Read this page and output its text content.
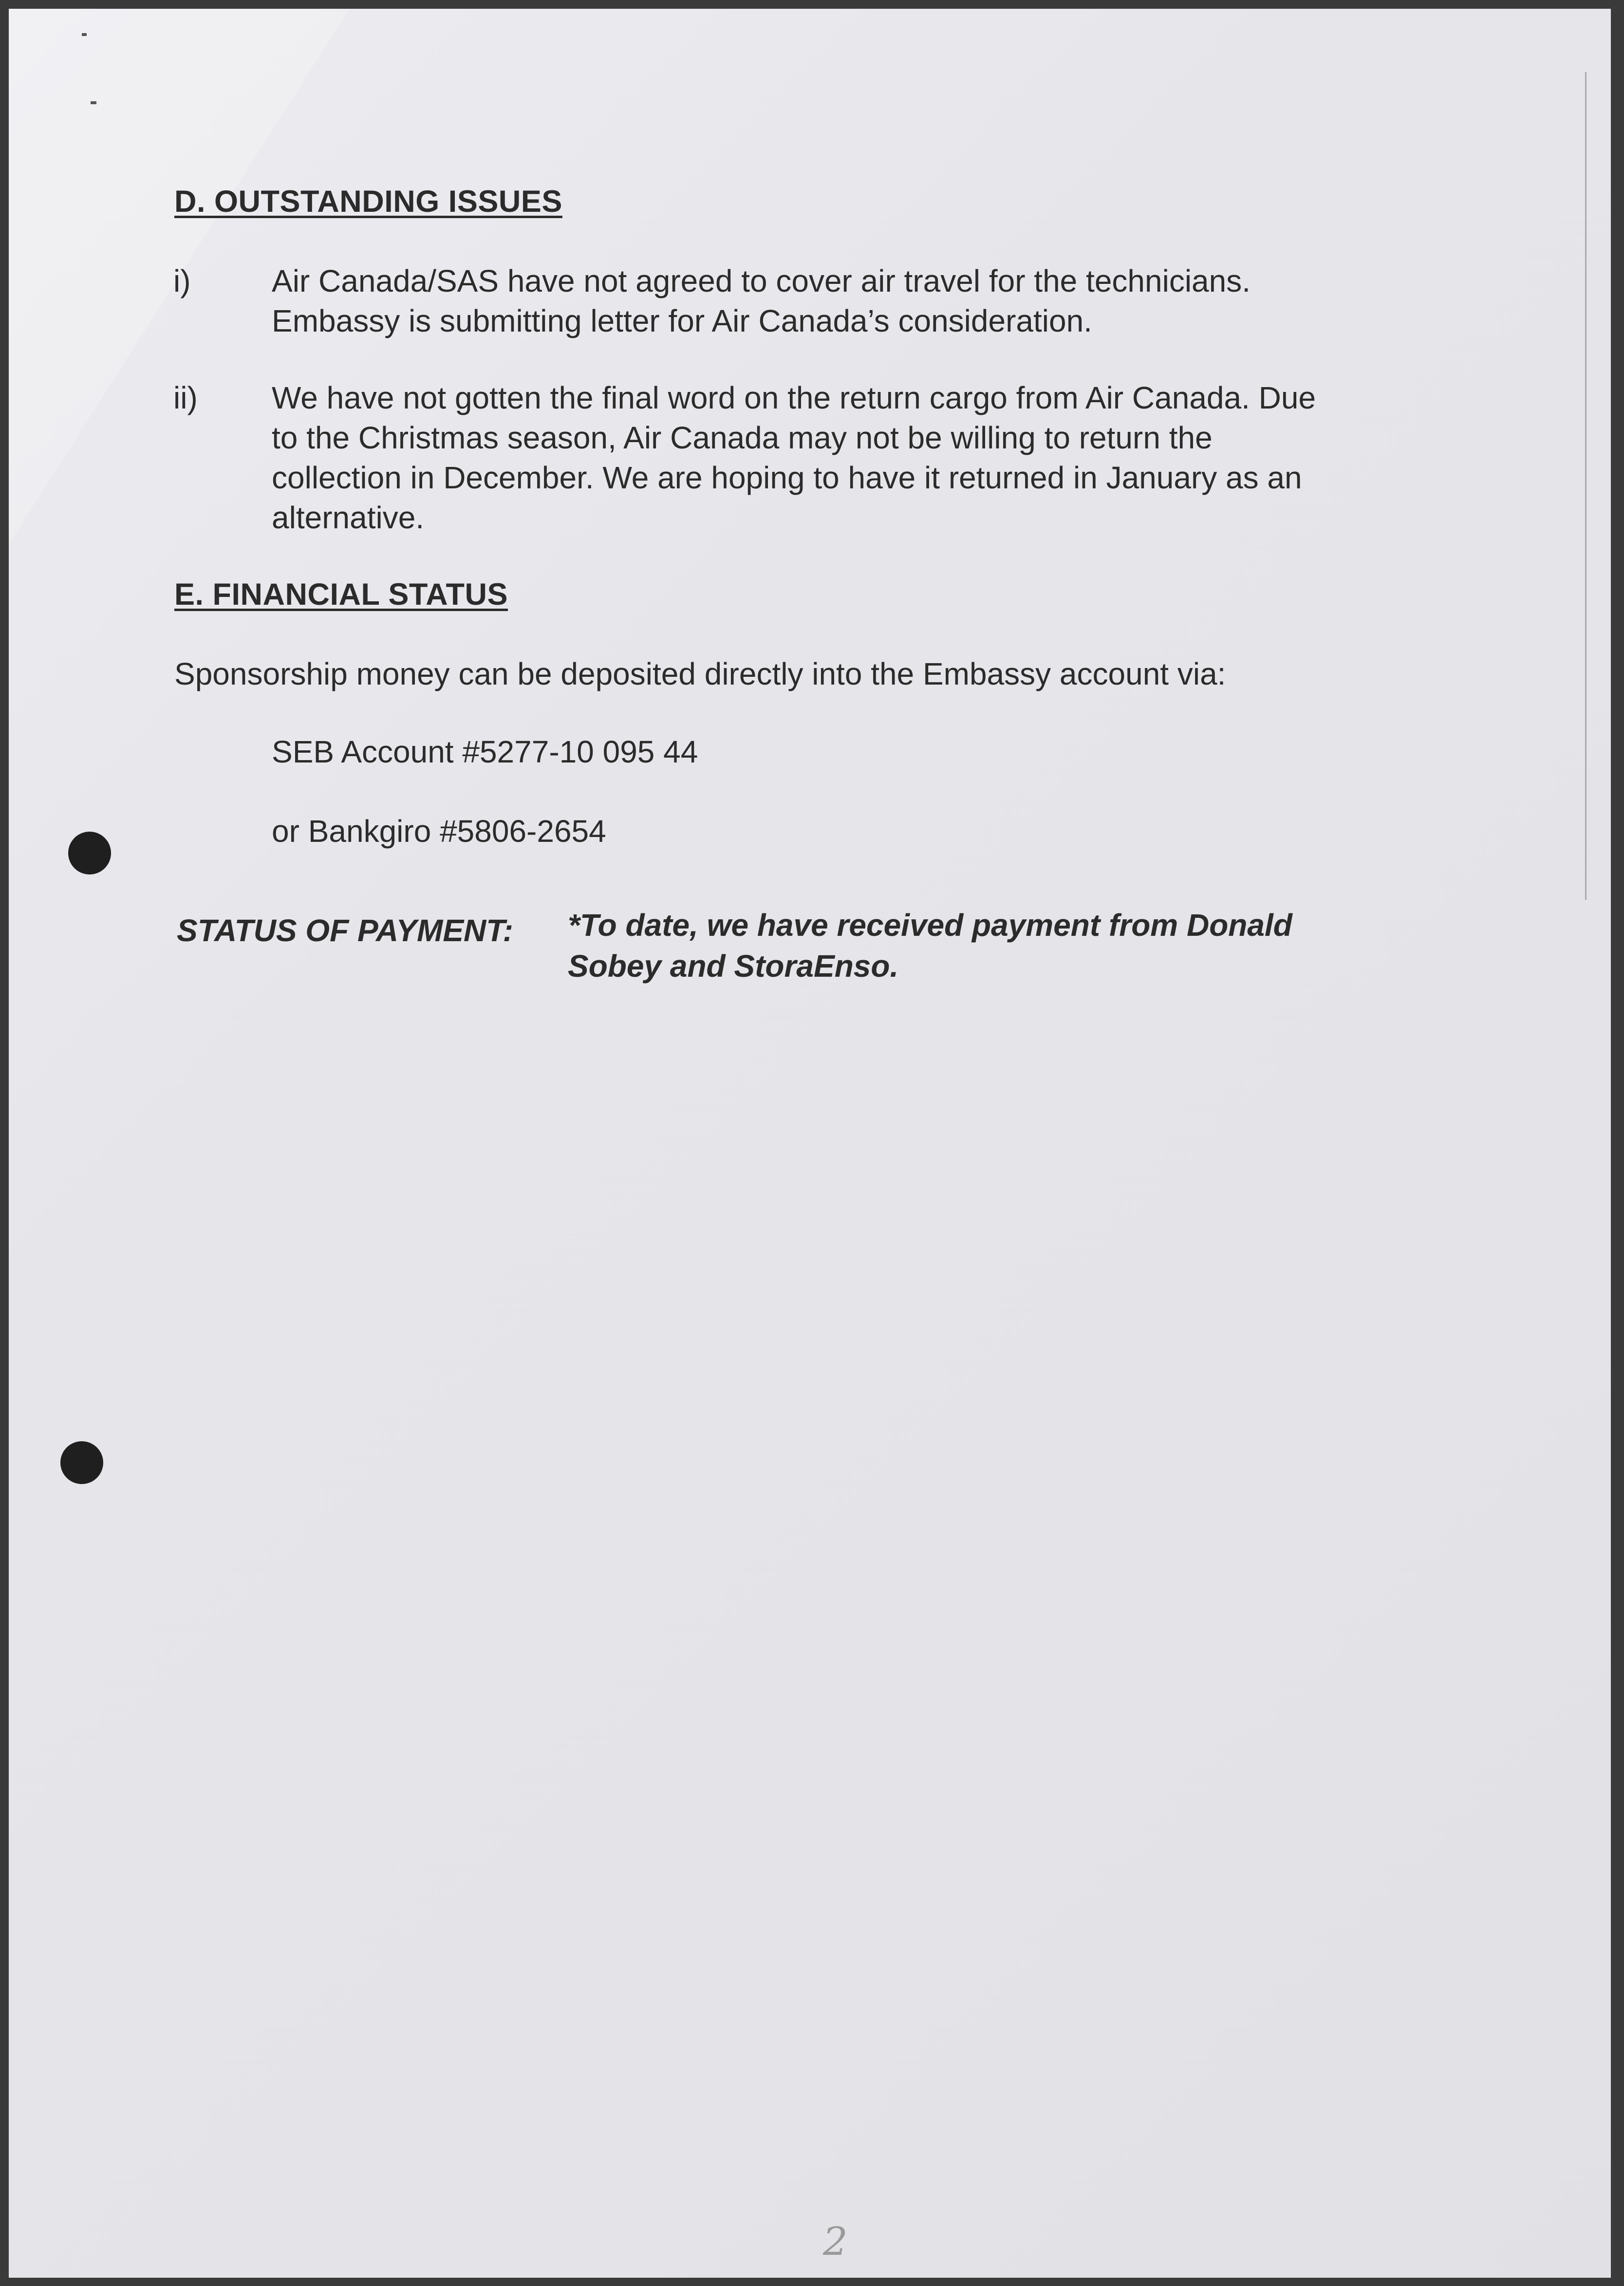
D. OUTSTANDING ISSUES
i)	Air Canada/SAS have not agreed to cover air travel for the technicians.
Embassy is submitting letter for Air Canada’s consideration.
ii) We have not gotten the final word on the return cargo from Air Canada. Due
to the Christmas season, Air Canada may not be willing to return the
collection in December. We are hoping to have it returned in January as an
alternative.
E. FINANCIAL STATUS
Sponsorship money can be deposited directly into the Embassy account via:
SEB Account #5277-10 095 44
or Bankgiro #5806-2654
STATUS OF PAYMENT: *To date, we have received payment from Donald
Sobey and StoraEnso.
2
